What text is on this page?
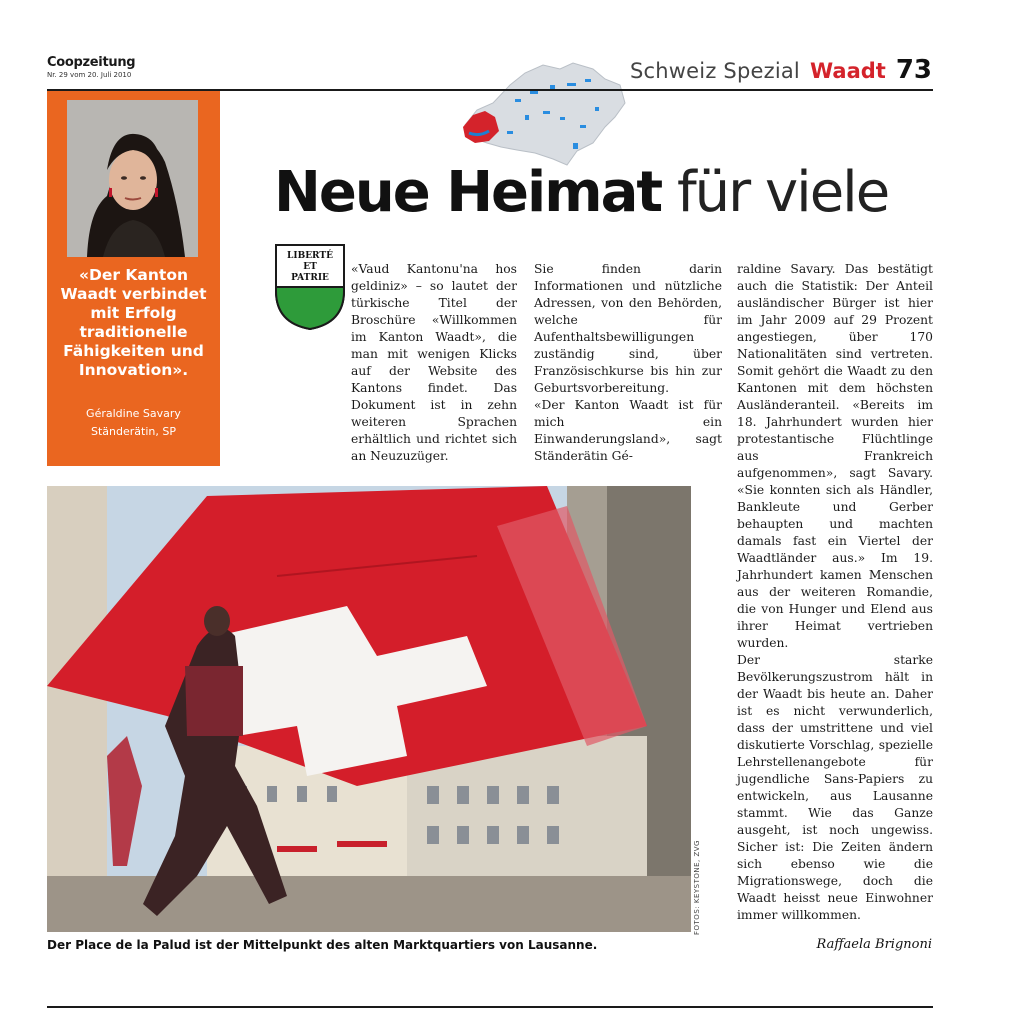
Coopzeitung
Nr. 29 vom 20. Juli 2010	Schweiz Spezial Waadt 73
«Der Kanton Waadt verbindet mit Erfolg traditionelle Fähigkeiten und Innovation».
Géraldine Savary
Ständerätin, SP
Neue Heimat für viele
LIBERTÉ
ET
PATRIE

«Vaud Kantonu'na hos geldiniz» – so lautet der türkische Titel der Broschüre «Willkommen im Kanton Waadt», die man mit wenigen Klicks auf der Website des Kantons findet. Das Dokument ist in zehn weiteren Sprachen erhältlich und richtet sich an Neuzuzüger.

Sie finden darin Informationen und nützliche Adressen, von den Behörden, welche für Aufenthaltsbewilligungen zuständig sind, über Französischkurse bis hin zur Geburtsvorbereitung.

«Der Kanton Waadt ist für mich ein Einwanderungsland», sagt Ständerätin Gé-

raldine Savary. Das bestätigt auch die Statistik: Der Anteil ausländischer Bürger ist hier im Jahr 2009 auf 29 Prozent angestiegen, über 170 Nationalitäten sind vertreten. Somit gehört die Waadt zu den Kantonen mit dem höchsten Ausländeranteil. «Bereits im 18. Jahrhundert wurden hier protestantische Flüchtlinge aus Frankreich aufgenommen», sagt Savary. «Sie konnten sich als Händler, Bankleute und Gerber behaupten und machten damals fast ein Viertel der Waadtländer aus.» Im 19. Jahrhundert kamen Menschen aus der weiteren Romandie, die von Hunger und Elend aus ihrer Heimat vertrieben wurden.

Der starke Bevölkerungszustrom hält in der Waadt bis heute an. Daher ist es nicht verwunderlich, dass der umstrittene und viel diskutierte Vorschlag, spezielle Lehrstellenangebote für jugendliche Sans-Papiers zu entwickeln, aus Lausanne stammt. Wie das Ganze ausgeht, ist noch ungewiss. Sicher ist: Die Zeiten ändern sich ebenso wie die Migrationswege, doch die Waadt heisst neue Einwohner immer willkommen.

FOTOS: KEYSTONE, ZVG
Der Place de la Palud ist der Mittelpunkt des alten Marktquartiers von Lausanne.	Raffaela Brignoni
